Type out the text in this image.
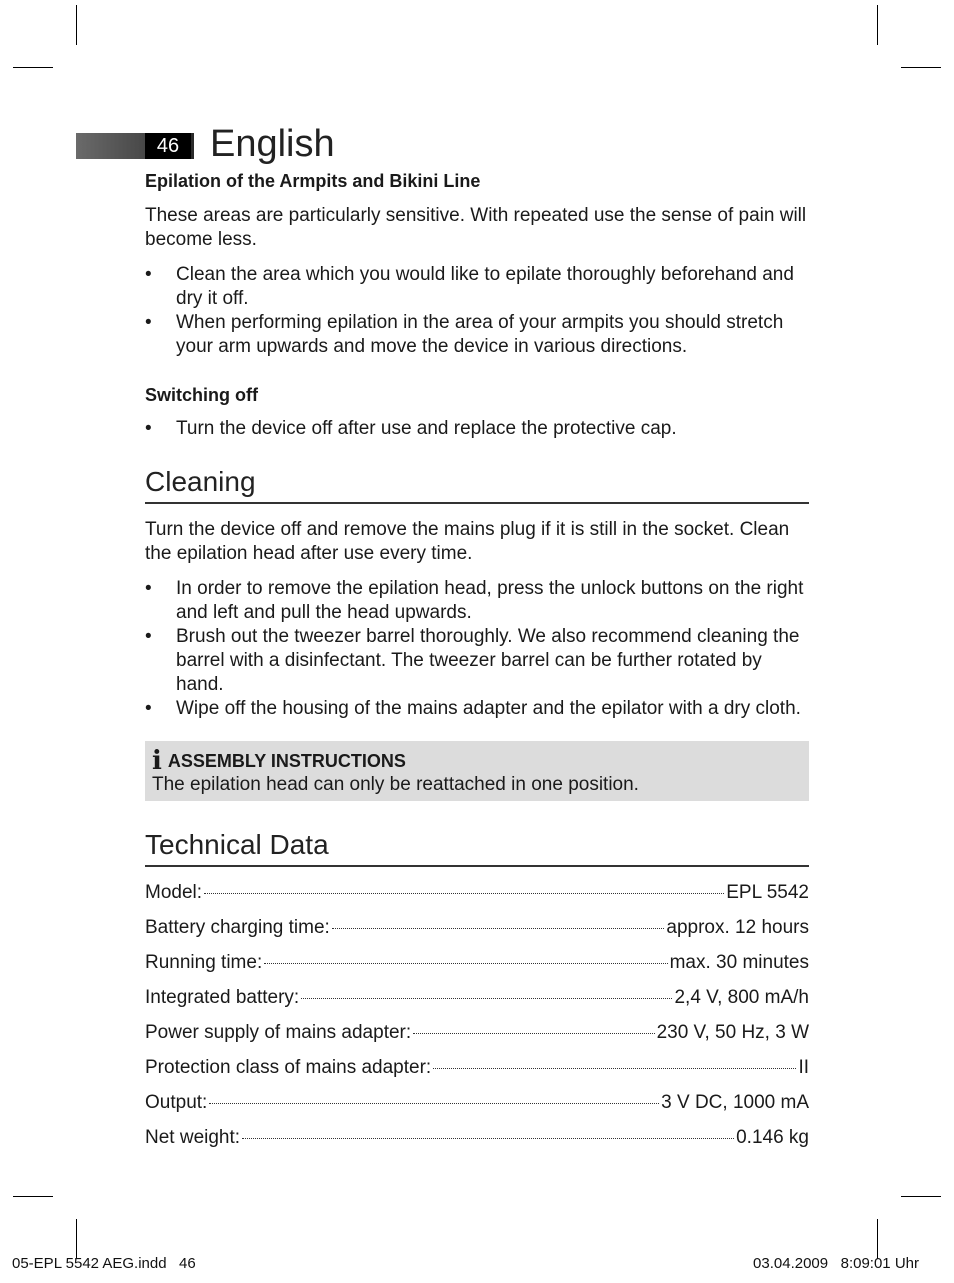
46 English
Epilation of the Armpits and Bikini Line

These areas are particularly sensitive. With repeated use the sense of pain will become less.

• Clean the area which you would like to epilate thoroughly beforehand and dry it off.
• When performing epilation in the area of your armpits you should stretch your arm upwards and move the device in various directions.
Switching off
• Turn the device off after use and replace the protective cap.
Cleaning

Turn the device off and remove the mains plug if it is still in the socket. Clean the epilation head after use every time.

• In order to remove the epilation head, press the unlock buttons on the right and left and pull the head upwards.
• Brush out the tweezer barrel thoroughly. We also recommend cleaning the barrel with a disinfectant. The tweezer barrel can be further rotated by hand.
• Wipe off the housing of the mains adapter and the epilator with a dry cloth.
i ASSEMBLY INSTRUCTIONS
The epilation head can only be reattached in one position.
Technical Data
Model:	EPL 5542
Battery charging time:	approx. 12 hours
Running time:	max. 30 minutes
Integrated battery:	2,4 V, 800 mA/h
Power supply of mains adapter:	230 V, 50 Hz, 3 W
Protection class of mains adapter:	II
Output:	3 V DC, 1000 mA
Net weight:	0.146 kg
05-EPL 5542 AEG.indd   46	03.04.2009   8:09:01 Uhr
